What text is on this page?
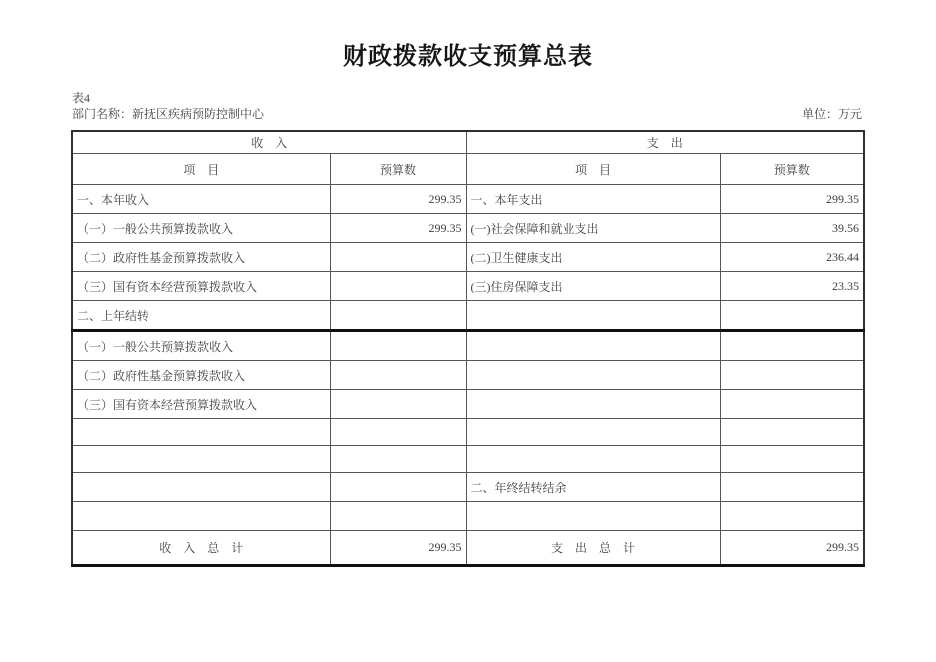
财政拨款收支预算总表
表4
部门名称：新抚区疾病预防控制中心	单位：万元
收　入		支　出	
项　目	预算数	项　目	预算数
一、本年收入	299.35	一、本年支出	299.35
（一）一般公共预算拨款收入	299.35	(一)社会保障和就业支出	39.56
（二）政府性基金预算拨款收入		(二)卫生健康支出	236.44
（三）国有资本经营预算拨款收入		(三)住房保障支出	23.35
二、上年结转			
（一）一般公共预算拨款收入			
（二）政府性基金预算拨款收入			
（三）国有资本经营预算拨款收入			

		二、年终结转结余	

收　入　总　计	299.35	支　出　总　计	299.35
